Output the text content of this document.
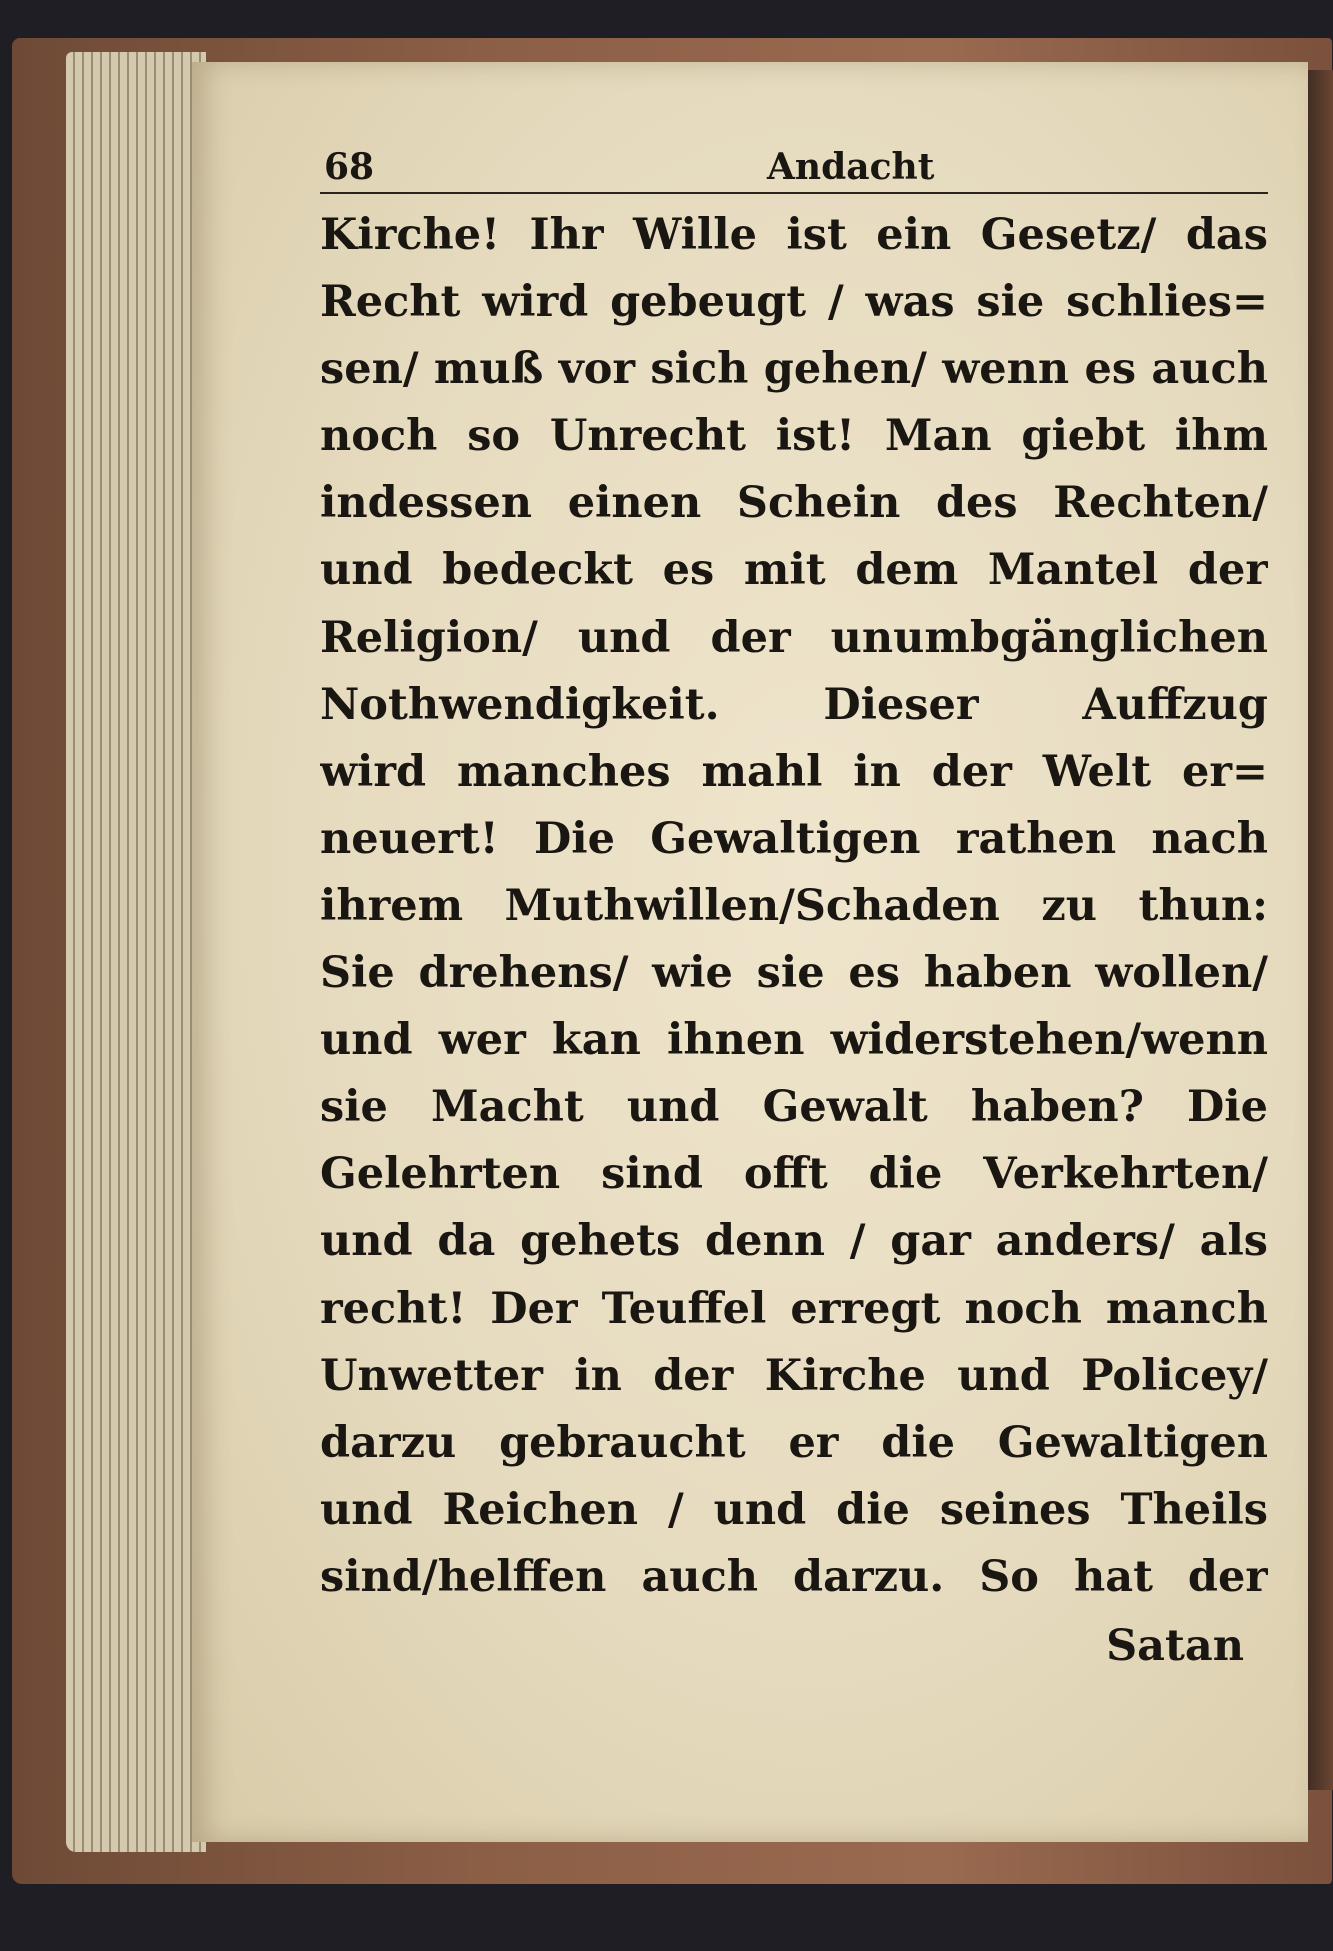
68	Andacht
Kirche! Ihr Wille ist ein Gesetz/ das
Recht wird gebeugt / was sie schlies=
sen/ muß vor sich gehen/ wenn es auch
noch so Unrecht ist! Man giebt ihm
indessen einen Schein des Rechten/
und bedeckt es mit dem Mantel der
Religion/ und der unumbgänglichen
Nothwendigkeit. Dieser Auffzug
wird manches mahl in der Welt er=
neuert! Die Gewaltigen rathen nach
ihrem Muthwillen/Schaden zu thun:
Sie drehens/ wie sie es haben wollen/
und wer kan ihnen widerstehen/wenn
sie Macht und Gewalt haben? Die
Gelehrten sind offt die Verkehrten/
und da gehets denn / gar anders/ als
recht! Der Teuffel erregt noch manch
Unwetter in der Kirche und Policey/
darzu gebraucht er die Gewaltigen
und Reichen / und die seines Theils
sind/helffen auch darzu. So hat der
Satan
